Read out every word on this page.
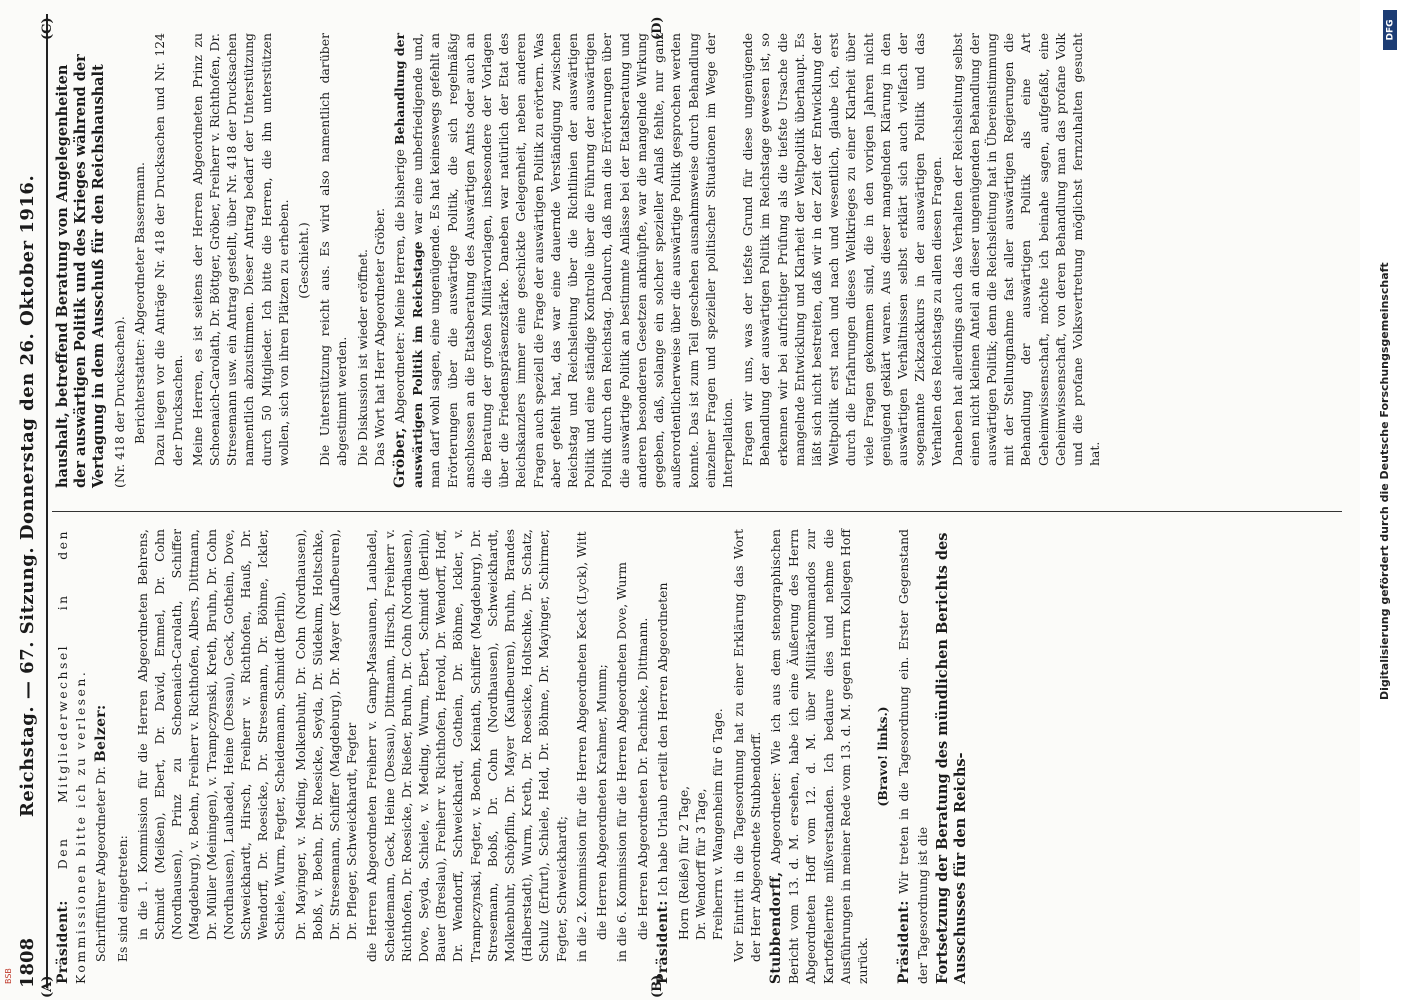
1808
Reichstag. — 67. Sitzung. Donnerstag den 26. Oktober 1916.
(A)	(B)
(C)	(D)

Präsident: Den Mitgliederwechsel in den Kommissionen bitte ich zu verlesen. Schriftführer Abgeordneter Dr. Belzer:

Es sind eingetreten: in die 1. Kommission für die Herren Abgeordneten Behrens, Schmidt (Meißen), Ebert, Dr. David, Emmel, Dr. Cohn (Nordhausen), Prinz zu Schoenaich-Carolath, Schiffer (Magdeburg), v. Boehn, Freiherr v. Richthofen, Albers, Dittmann, Dr. Müller (Meiningen), v. Trampczynski, Kreth, Bruhn, Dr. Cohn (Nordhausen), Laubadel, Heine (Dessau), Geck, Gothein, Dove, Schweickhardt, Hirsch, Freiherr v. Richthofen, Hauß, Dr. Wendorff, Dr. Roesicke, Dr. Stresemann, Dr. Böhme, Ickler, Schiele, Wurm, Fegter, Scheidemann, Schmidt (Berlin), Dr. Mayinger, v. Meding, Molkenbuhr, Dr. Cohn (Nordhausen), Bobß, v. Boehn, Dr. Roesicke, Seyda, Dr. Südekum, Holtschke, Dr. Stresemann, Schiffer (Magdeburg), Dr. Mayer (Kaufbeuren), Dr. Pfleger, Schweickhardt, Fegter die Herren Abgeordneten Freiherr v. Gamp-Massaunen, Laubadel, Scheidemann, Geck, Heine (Dessau), Dittmann, Hirsch, Freiherr v. Richthofen, Dr. Roesicke, Dr. Rießer, Bruhn, Dr. Cohn (Nordhausen), Dove, Seyda, Schiele, v. Meding, Wurm, Ebert, Schmidt (Berlin), Bauer (Breslau), Freiherr v. Richthofen, Herold, Dr. Wendorff, Hoff, Dr. Wendorff, Schweickhardt, Gothein, Dr. Böhme, Ickler, v. Trampczynski, Fegter, v. Boehn, Keinath, Schiffer (Magdeburg), Dr. Stresemann, Bobß, Dr. Cohn (Nordhausen), Schweickhardt, Molkenbuhr, Schöpflin, Dr. Mayer (Kaufbeuren), Bruhn, Brandes (Halberstadt), Wurm, Kreth, Dr. Roesicke, Holtschke, Dr. Schatz, Schulz (Erfurt), Schiele, Held, Dr. Böhme, Dr. Mayinger, Schirmer, Fegter, Schweickhardt; in die 2. Kommission für die Herren Abgeordneten Keck (Lyck), Witt die Herren Abgeordneten Krahmer, Mumm; in die 6. Kommission für die Herren Abgeordneten Dove, Wurm die Herren Abgeordneten Dr. Pachnicke, Dittmann.

Präsident: Ich habe Urlaub erteilt den Herren Abgeordneten Horn (Reiße) für 2 Tage, Dr. Wendorff für 3 Tage, Freiherrn v. Wangenheim für 6 Tage. Vor Eintritt in die Tagesordnung hat zu einer Erklärung das Wort der Herr Abgeordnete Stubbendorff. Stubbendorff, Abgeordneter: Wie ich aus dem stenographischen Bericht vom 13. d. M. ersehen, habe ich eine Äußerung des Herrn Abgeordneten Hoff vom 12. d. M. über Militärkommandos zur Kartoffelernte mißverstanden. Ich bedaure dies und nehme die Ausführungen in meiner Rede vom 13. d. M. gegen Herrn Kollegen Hoff zurück.

(Bravo! links.)

Präsident: Wir treten in die Tagesordnung ein. Erster Gegenstand der Tagesordnung ist die Fortsetzung der Beratung des mündlichen Berichts des Ausschusses für den Reichs-

haushalt, betreffend Beratung von Angelegenheiten der auswärtigen Politik und des Krieges während der Vertagung in dem Ausschuß für den Reichshaushalt (Nr. 418 der Drucksachen). Berichterstatter: Abgeordneter Bassermann. Dazu liegen vor die Anträge Nr. 418 der Drucksachen und Nr. 124 der Drucksachen. Meine Herren, es ist seitens der Herren Abgeordneten Prinz zu Schoenaich-Carolath, Dr. Böttger, Gröber, Freiherr v. Richthofen, Dr. Stresemann usw. ein Antrag gestellt, über Nr. 418 der Drucksachen namentlich abzustimmen. Dieser Antrag bedarf der Unterstützung durch 50 Mitglieder. Ich bitte die Herren, die ihn unterstützen wollen, sich von ihren Plätzen zu erheben. (Geschieht.) Die Unterstützung reicht aus. Es wird also namentlich darüber abgestimmt werden. Die Diskussion ist wieder eröffnet. Das Wort hat Herr Abgeordneter Gröber. Gröber, Abgeordneter: Meine Herren, die bisherige Behandlung der auswärtigen Politik im Reichstage war eine unbefriedigende und, man darf wohl sagen, eine ungenügende. Es hat keineswegs gefehlt an Erörterungen über die auswärtige Politik, die sich regelmäßig anschlossen an die Etatsberatung des Auswärtigen Amts oder auch an die Beratung der großen Militärvorlagen, insbesondere der Vorlagen über die Friedenspräsenzstärke. Daneben war natürlich der Etat des Reichskanzlers immer eine geschickte Gelegenheit, neben anderen Fragen auch speziell die Frage der auswärtigen Politik zu erörtern. Was aber gefehlt hat, das war eine dauernde Verständigung zwischen Reichstag und Reichsleitung über die Richtlinien der auswärtigen Politik und eine ständige Kontrolle über die Führung der auswärtigen Politik durch den Reichstag. Dadurch, daß man die Erörterungen über die auswärtige Politik an bestimmte Anlässe bei der Etatsberatung und anderen besonderen Gesetzen anknüpfte, war die mangelnde Wirkung gegeben, daß, solange ein solcher spezieller Anlaß fehlte, nur ganz außerordentlicherweise über die auswärtige Politik gesprochen werden konnte. Das ist zum Teil geschehen ausnahmsweise durch Behandlung einzelner Fragen und spezieller politischer Situationen im Wege der Interpellation. Fragen wir uns, was der tiefste Grund für diese ungenügende Behandlung der auswärtigen Politik im Reichstage gewesen ist, so erkennen wir bei aufrichtiger Prüfung als die tiefste Ursache die mangelnde Entwicklung und Klarheit der Weltpolitik überhaupt. Es läßt sich nicht bestreiten, daß wir in der Zeit der Entwicklung der Weltpolitik erst nach und nach und wesentlich, glaube ich, erst durch die Erfahrungen dieses Weltkrieges zu einer Klarheit über viele Fragen gekommen sind, die in den vorigen Jahren nicht genügend geklärt waren. Aus dieser mangelnden Klärung in den auswärtigen Verhältnissen selbst erklärt sich auch vielfach der sogenannte Zickzackkurs in der auswärtigen Politik und das Verhalten des Reichstags zu allen diesen Fragen. Daneben hat allerdings auch das Verhalten der Reichsleitung selbst einen nicht kleinen Anteil an dieser ungenügenden Behandlung der auswärtigen Politik; denn die Reichsleitung hat in Übereinstimmung mit der Stellungnahme fast aller auswärtigen Regierungen die Behandlung der auswärtigen Politik als eine Art Geheimwissenschaft, möchte ich beinahe sagen, aufgefaßt, eine Geheimwissenschaft, von deren Behandlung man das profane Volk und die profane Volksvertretung möglichst fernzuhalten gesucht hat.

DFG
Digitalisierung gefördert durch die Deutsche Forschungsgemeinschaft
BSB
